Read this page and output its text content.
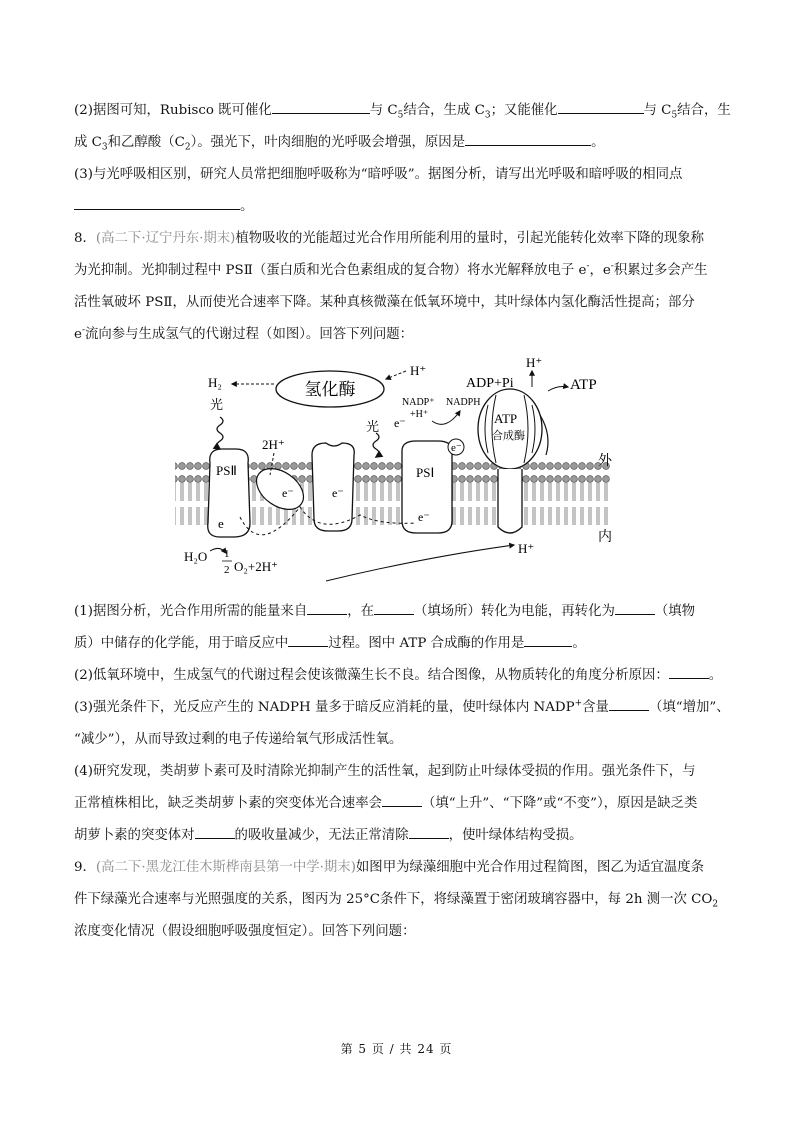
(2)据图可知，Rubisco 既可催化	与 $C_5$结合，生成 $C_3$；又能催化	与 $C_5$结合，生
成 $C_3$和乙醇酸$(C_2)$。强光下，叶肉细胞的光呼吸会增强，原因是	。
(3)与光呼吸相区别，研究人员常把细胞呼吸称为“暗呼吸”。据图分析，请写出光呼吸和暗呼吸的相同点
。
8．(高二下·辽宁丹东·期末)植物吸收的光能超过光合作用所能利用的量时，引起光能转化效率下降的现象称
为光抑制。光抑制过程中 PSⅡ（蛋白质和光合色素组成的复合物）将水光解释放电子 e-，e-积累过多会产生
活性氧破坏 PSⅡ，从而使光合速率下降。某种真核微藻在低氧环境中，其叶绿体内氢化酶活性提高；部分
e-流向参与生成氢气的代谢过程（如图）。回答下列问题：
氢化酶
H₂
H⁺
光
PSⅡ
e
e⁻
2H⁺
e⁻
光 e⁻
PSⅠ
e⁻
e⁻
NADP⁺
+H⁺
NADPH
ATP
合成酶
H⁺
ADP+Pi	ATP
外
内
H⁺
H₂O 1
2 O₂+2H⁺
(1)据图分析，光合作用所需的能量来自	，在	（填场所）转化为电能，再转化为	（填物
质）中储存的化学能，用于暗反应中	过程。图中 ATP 合成酶的作用是	。
(2)低氧环境中，生成氢气的代谢过程会使该微藻生长不良。结合图像，从物质转化的角度分析原因：	。
(3)强光条件下，光反应产生的 NADPH 量多于暗反应消耗的量，使叶绿体内 NADP+含量	（填“增加”、
“减少”），从而导致过剩的电子传递给氧气形成活性氧。
(4)研究发现，类胡萝卜素可及时清除光抑制产生的活性氧，起到防止叶绿体受损的作用。强光条件下，与
正常植株相比，缺乏类胡萝卜素的突变体光合速率会	（填“上升”、“下降”或“不变”），原因是缺乏类
胡萝卜素的突变体对	的吸收量减少，无法正常清除	，使叶绿体结构受损。
9．(高二下·黑龙江佳木斯桦南县第一中学·期末)如图甲为绿藻细胞中光合作用过程简图，图乙为适宜温度条
件下绿藻光合速率与光照强度的关系，图丙为 25°C条件下，将绿藻置于密闭玻璃容器中，每 2h 测一次 $CO_2$
浓度变化情况（假设细胞呼吸强度恒定）。回答下列问题：
第 5 页 / 共 24 页
